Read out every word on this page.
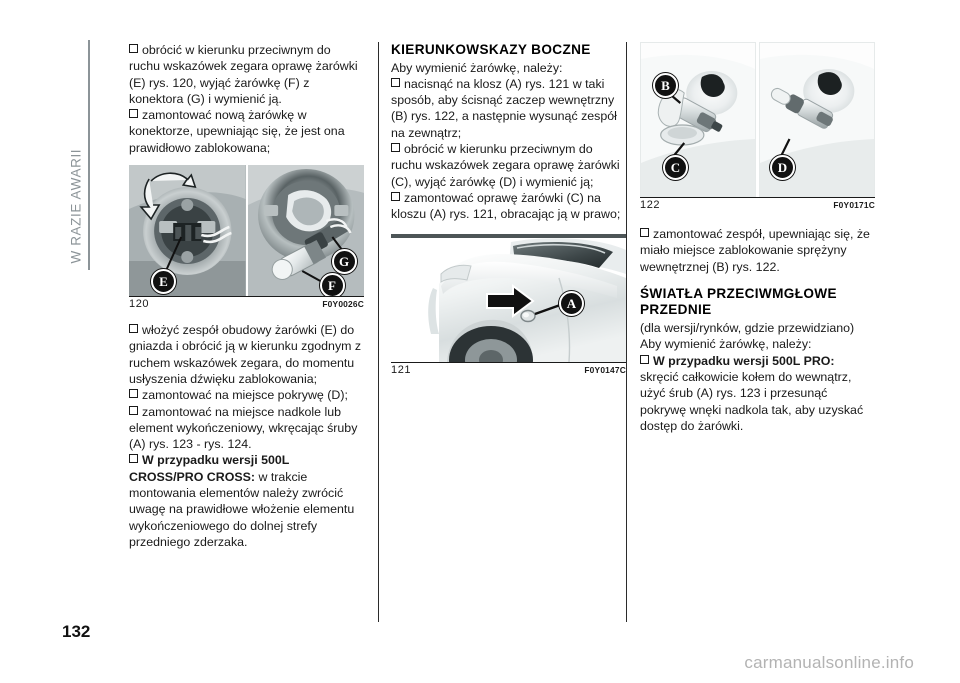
W RAZIE AWARII

obrócić w kierunku przeciwnym do ruchu wskazówek zegara oprawę żarówki (E) rys. 120, wyjąć żarówkę (F) z konektora (G) i wymienić ją.

zamontować nową żarówkę w konektorze, upewniając się, że jest ona prawidłowo zablokowana;

E
G
F
120	F0Y0026C

włożyć zespół obudowy żarówki (E) do gniazda i obrócić ją w kierunku zgodnym z ruchem wskazówek zegara, do momentu usłyszenia dźwięku zablokowania;

zamontować na miejsce pokrywę (D);

zamontować na miejsce nadkole lub element wykończeniowy, wkręcając śruby (A) rys. 123 - rys. 124.

W przypadku wersji 500L CROSS/PRO CROSS: w trakcie montowania elementów należy zwrócić uwagę na prawidłowe włożenie elementu wykończeniowego do dolnej strefy przedniego zderzaka.

KIERUNKOWSKAZY BOCZNE

Aby wymienić żarówkę, należy:

nacisnąć na klosz (A) rys. 121 w taki sposób, aby ścisnąć zaczep wewnętrzny (B) rys. 122, a następnie wysunąć zespół na zewnątrz;

obrócić w kierunku przeciwnym do ruchu wskazówek zegara oprawę żarówki (C), wyjąć żarówkę (D) i wymienić ją;

zamontować oprawę żarówki (C) na kloszu (A) rys. 121, obracając ją w prawo;

A
121	F0Y0147C
B
C	D
122	F0Y0171C

zamontować zespół, upewniając się, że miało miejsce zablokowanie sprężyny wewnętrznej (B) rys. 122.

ŚWIATŁA PRZECIWMGŁOWE PRZEDNIE

(dla wersji/rynków, gdzie przewidziano)

Aby wymienić żarówkę, należy:

W przypadku wersji 500L PRO: skręcić całkowicie kołem do wewnątrz, użyć śrub (A) rys. 123 i przesunąć pokrywę wnęki nadkola tak, aby uzyskać dostęp do żarówki.

132
carmanualsonline.info
